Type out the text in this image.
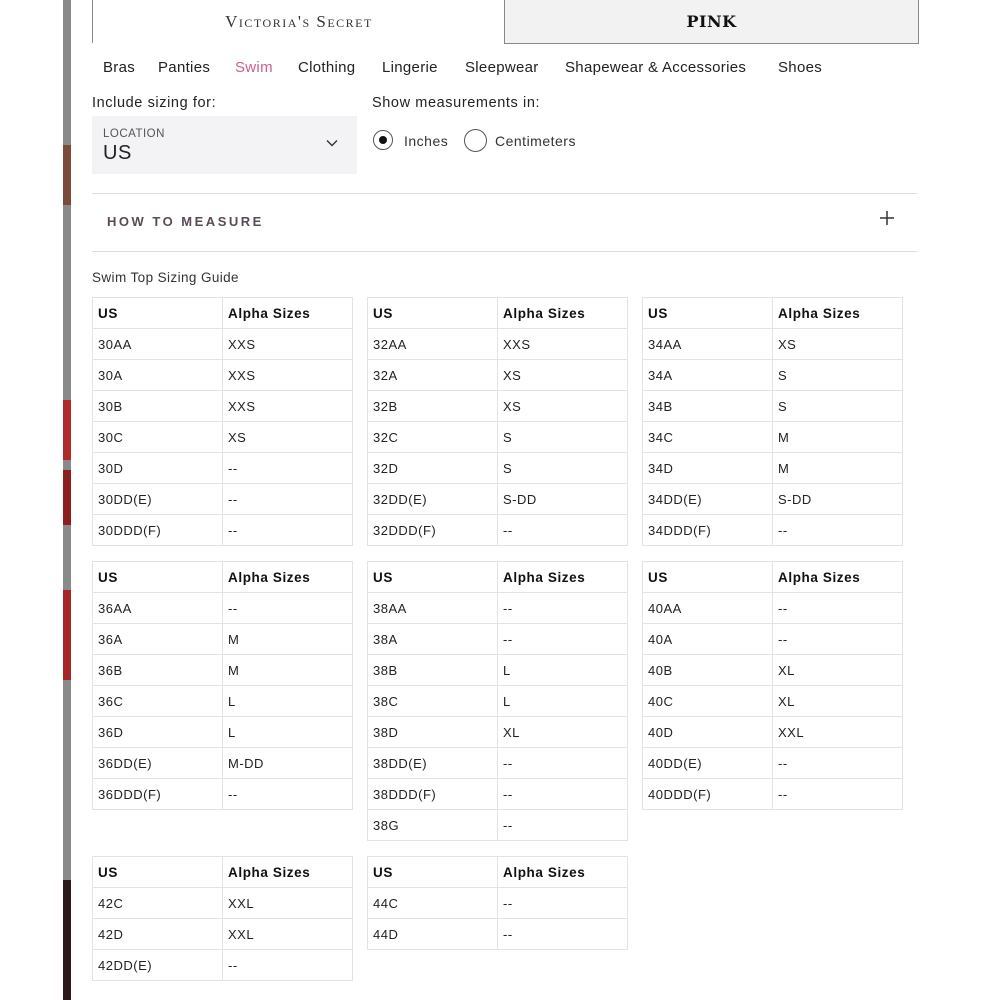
Victoria's Secret	PINK
Bras Panties Swim Clothing Lingerie Sleepwear Shapewear & Accessories Shoes
Include sizing for:	Show measurements in:
LOCATION
US
Inches	Centimeters
HOW TO MEASURE
Swim Top Sizing Guide
US	Alpha Sizes
30AA	XXS
30A	XXS
30B	XXS
30C	XS
30D	--
30DD(E)	--
30DDD(F)	--
US	Alpha Sizes
32AA	XXS
32A	XS
32B	XS
32C	S
32D	S
32DD(E)	S-DD
32DDD(F)	--
US	Alpha Sizes
34AA	XS
34A	S
34B	S
34C	M
34D	M
34DD(E)	S-DD
34DDD(F)	--
US	Alpha Sizes
36AA	--
36A	M
36B	M
36C	L
36D	L
36DD(E)	M-DD
36DDD(F)	--
US	Alpha Sizes
38AA	--
38A	--
38B	L
38C	L
38D	XL
38DD(E)	--
38DDD(F)	--
38G	--
US	Alpha Sizes
40AA	--
40A	--
40B	XL
40C	XL
40D	XXL
40DD(E)	--
40DDD(F)	--
US	Alpha Sizes
42C	XXL
42D	XXL
42DD(E)	--
US	Alpha Sizes
44C	--
44D	--
